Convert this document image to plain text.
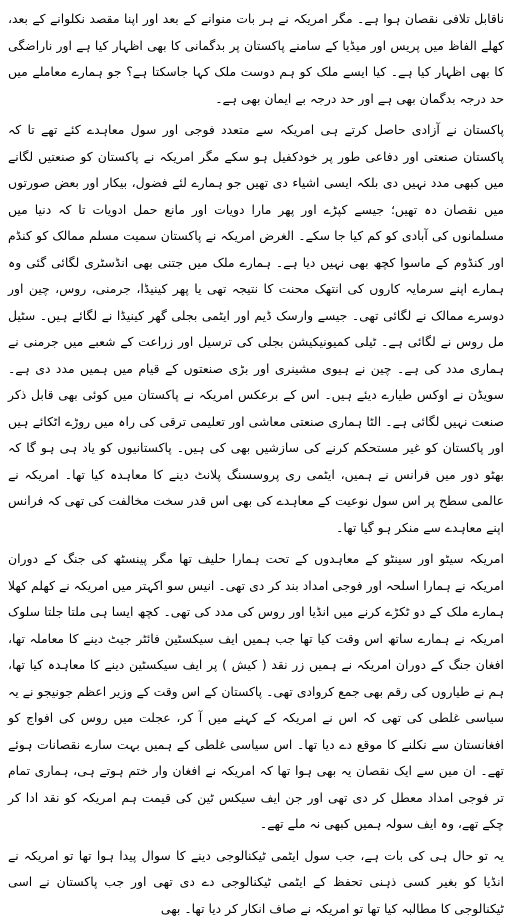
ناقابل تلافی نقصان ہوا ہے۔ مگر امریکہ نے ہر بات منوانے کے بعد اور اپنا مقصد نکلوانے کے بعد، کھلے الفاظ میں پریس اور میڈیا کے سامنے پاکستان پر بدگمانی کا بھی اظہار کیا ہے اور ناراضگی کا بھی اظہار کیا ہے۔ کیا ایسے ملک کو ہم دوست ملک کہا جاسکتا ہے؟ جو ہمارے معاملے میں حد درجہ بدگمان بھی ہے اور حد درجہ بے ایمان بھی ہے۔

پاکستان نے آزادی حاصل کرتے ہی امریکہ سے متعدد فوجی اور سول معاہدے کئے تھے تا کہ پاکستان صنعتی اور دفاعی طور پر خودکفیل ہو سکے مگر امریکہ نے پاکستان کو صنعتیں لگانے میں کبھی مدد نہیں دی بلکہ ایسی اشیاء دی تھیں جو ہمارے لئے فضول، بیکار اور بعض صورتوں میں نقصان دہ تھیں؛ جیسے کپڑے اور پھر مارا دویات اور مانع حمل ادویات تا کہ دنیا میں مسلمانوں کی آبادی کو کم کیا جا سکے۔ الغرض امریکہ نے پاکستان سمیت مسلم ممالک کو کنڈم اور کنڈوم کے ماسوا کچھ بھی نہیں دیا ہے۔ ہمارے ملک میں جتنی بھی انڈسٹری لگائی گئی وہ ہمارے اپنے سرمایہ کاروں کی انتھک محنت کا نتیجہ تھی یا پھر کینیڈا، جرمنی، روس، چین اور دوسرے ممالک نے لگائی تھی۔ جیسے وارسک ڈیم اور ایٹمی بجلی گھر کینیڈا نے لگائے ہیں۔ سٹیل مل روس نے لگائی ہے۔ ٹیلی کمیونیکیشن بجلی کی ترسیل اور زراعت کے شعبے میں جرمنی نے ہماری مدد کی ہے۔ چین نے ہیوی مشینری اور بڑی صنعتوں کے قیام میں ہمیں مدد دی ہے۔ سویڈن نے اوکس طیارے دیئے ہیں۔ اس کے برعکس امریکہ نے پاکستان میں کوئی بھی قابل ذکر صنعت نہیں لگائی ہے۔ الٹا ہماری صنعتی معاشی اور تعلیمی ترقی کی راہ میں روڑے اٹکائے ہیں اور پاکستان کو غیر مستحکم کرنے کی سازشیں بھی کی ہیں۔ پاکستانیوں کو یاد ہی ہو گا کہ بھٹو دور میں فرانس نے ہمیں، ایٹمی ری پروسسنگ پلانٹ دینے کا معاہدہ کیا تھا۔ امریکہ نے عالمی سطح پر اس سول نوعیت کے معاہدے کی بھی اس قدر سخت مخالفت کی تھی کہ فرانس اپنے معاہدے سے منکر ہو گیا تھا۔

امریکہ سیٹو اور سینٹو کے معاہدوں کے تحت ہمارا حلیف تھا مگر پینسٹھ کی جنگ کے دوران امریکہ نے ہمارا اسلحہ اور فوجی امداد بند کر دی تھی۔ انیس سو اکہتر میں امریکہ نے کھلم کھلا ہمارے ملک کے دو ٹکڑے کرنے میں انڈیا اور روس کی مدد کی تھی۔ کچھ ایسا ہی ملتا جلتا سلوک امریکہ نے ہمارے ساتھ اس وقت کیا تھا جب ہمیں ایف سیکسٹین فائٹر جیٹ دینے کا معاملہ تھا، افغان جنگ کے دوران امریکہ نے ہمیں زر نقد ( کیش ) پر ایف سیکسٹین دینے کا معاہدہ کیا تھا، ہم نے طیاروں کی رقم بھی جمع کروادی تھی۔ پاکستان کے اس وقت کے وزیر اعظم جونیجو نے یہ سیاسی غلطی کی تھی کہ اس نے امریکہ کے کہنے میں آ کر، عجلت میں روس کی افواج کو افغانستان سے نکلنے کا موقع دے دیا تھا۔ اس سیاسی غلطی کے ہمیں بہت سارے نقصانات ہوئے تھے۔ ان میں سے ایک نقصان یہ بھی ہوا تھا کہ امریکہ نے افغان وار ختم ہوتے ہی، ہماری تمام تر فوجی امداد معطل کر دی تھی اور جن ایف سیکس ٹین کی قیمت ہم امریکہ کو نقد ادا کر چکے تھے، وہ ایف سولہ ہمیں کبھی نہ ملے تھے۔

یہ تو حال ہی کی بات ہے، جب سول ایٹمی ٹیکنالوجی دینے کا سوال پیدا ہوا تھا تو امریکہ نے انڈیا کو بغیر کسی ذہنی تحفظ کے ایٹمی ٹیکنالوجی دے دی تھی اور جب پاکستان نے اسی ٹیکنالوجی کا مطالبہ کیا تھا تو امریکہ نے صاف انکار کر دیا تھا۔ بھی
